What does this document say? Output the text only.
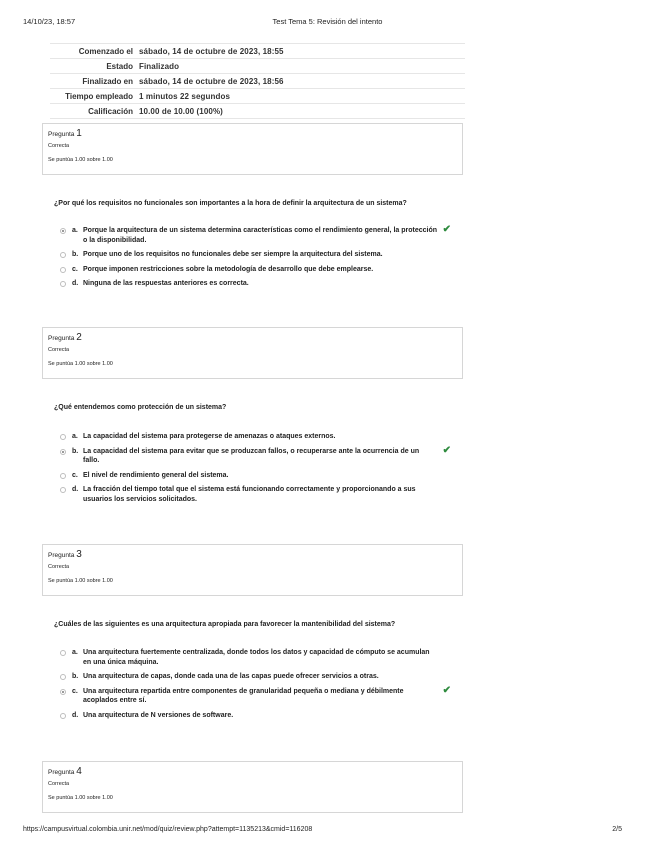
14/10/23, 18:57	Test Tema 5: Revisión del intento
Comenzado el	sábado, 14 de octubre de 2023, 18:55
Estado	Finalizado
Finalizado en	sábado, 14 de octubre de 2023, 18:56
Tiempo empleado	1 minutos 22 segundos
Calificación	10.00 de 10.00 (100%)
Pregunta 1
Correcta
Se puntúa 1.00 sobre 1.00
¿Por qué los requisitos no funcionales son importantes a la hora de definir la arquitectura de un sistema?
a. Porque la arquitectura de un sistema determina características como el rendimiento general, la protección o la disponibilidad.
✔
b. Porque uno de los requisitos no funcionales debe ser siempre la arquitectura del sistema.
c. Porque imponen restricciones sobre la metodología de desarrollo que debe emplearse.
d. Ninguna de las respuestas anteriores es correcta.
Pregunta 2
Correcta
Se puntúa 1.00 sobre 1.00
¿Qué entendemos como protección de un sistema?
a. La capacidad del sistema para protegerse de amenazas o ataques externos.
b. La capacidad del sistema para evitar que se produzcan fallos, o recuperarse ante la ocurrencia de un fallo.
✔
c. El nivel de rendimiento general del sistema.
d. La fracción del tiempo total que el sistema está funcionando correctamente y proporcionando a sus usuarios los servicios solicitados.
Pregunta 3
Correcta
Se puntúa 1.00 sobre 1.00
¿Cuáles de las siguientes es una arquitectura apropiada para favorecer la mantenibilidad del sistema?
a. Una arquitectura fuertemente centralizada, donde todos los datos y capacidad de cómputo se acumulan en una única máquina.
b. Una arquitectura de capas, donde cada una de las capas puede ofrecer servicios a otras.
c. Una arquitectura repartida entre componentes de granularidad pequeña o mediana y débilmente acoplados entre sí.
✔
d. Una arquitectura de N versiones de software.
Pregunta 4
Correcta
Se puntúa 1.00 sobre 1.00
https://campusvirtual.colombia.unir.net/mod/quiz/review.php?attempt=1135213&cmid=116208	2/5
